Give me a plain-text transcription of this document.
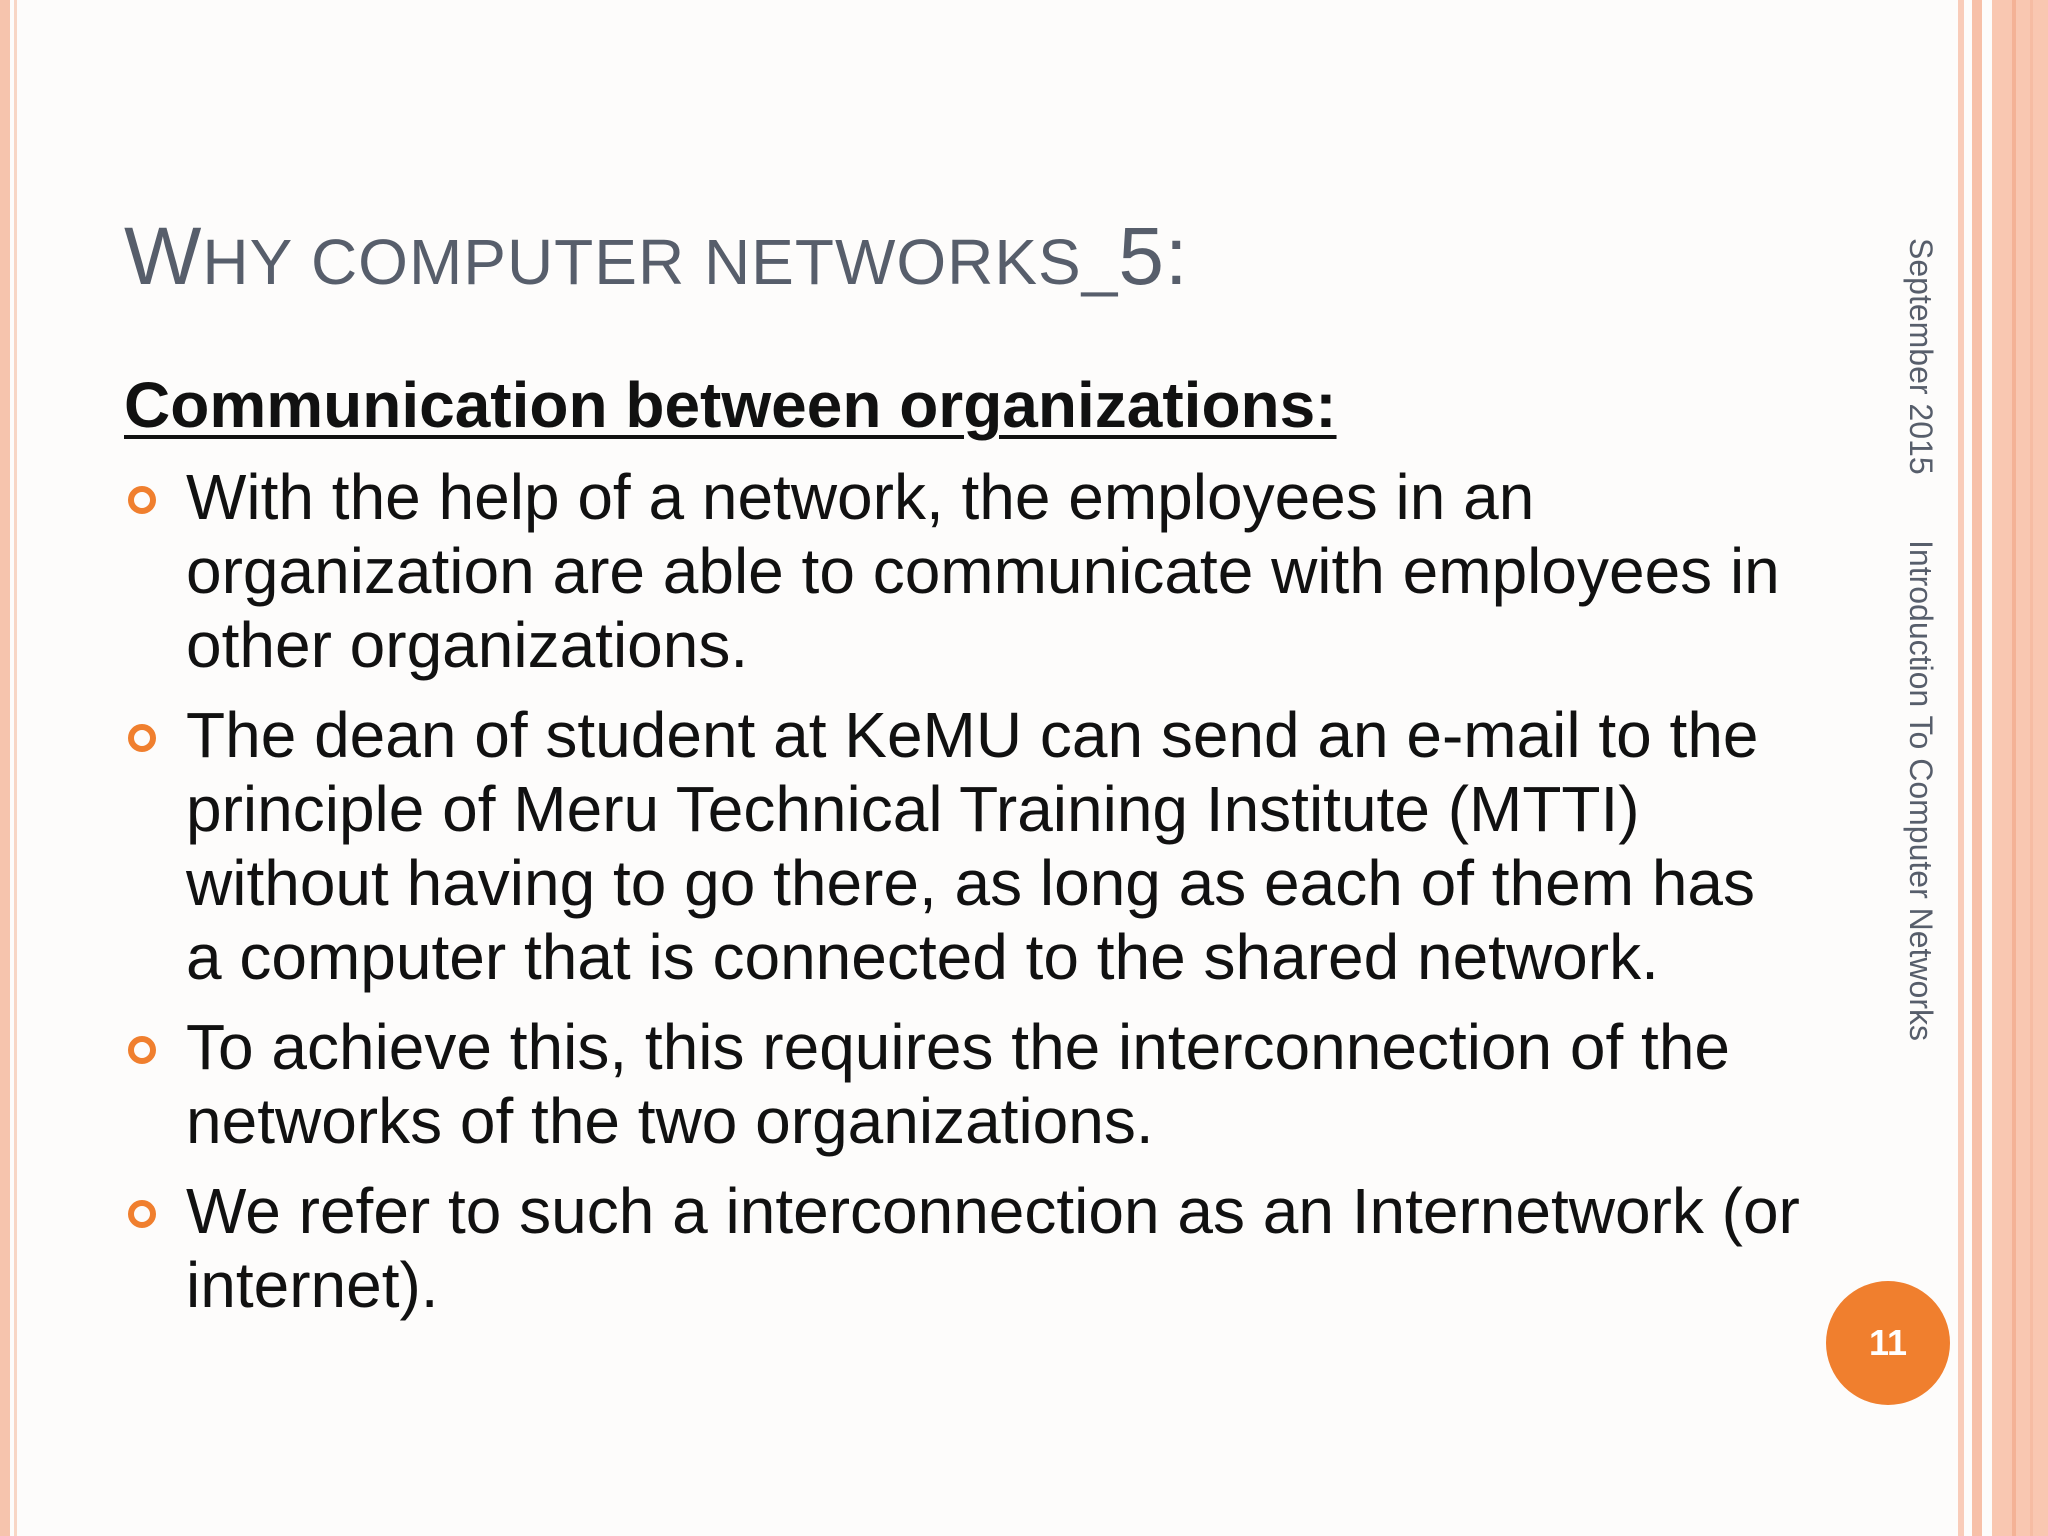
WHY COMPUTER NETWORKS_5:
Communication between organizations:
With the help of a network, the employees in an organization are able to communicate with employees in other organizations.
The dean of student at KeMU can send an e-mail to the principle of Meru Technical Training Institute (MTTI) without having to go there, as long as each of them has a computer that is connected to the shared network.
To achieve this, this requires the interconnection of the networks of the two organizations.
We refer to such a interconnection as an Internetwork (or internet).
September 2015
Introduction To Computer Networks
11
